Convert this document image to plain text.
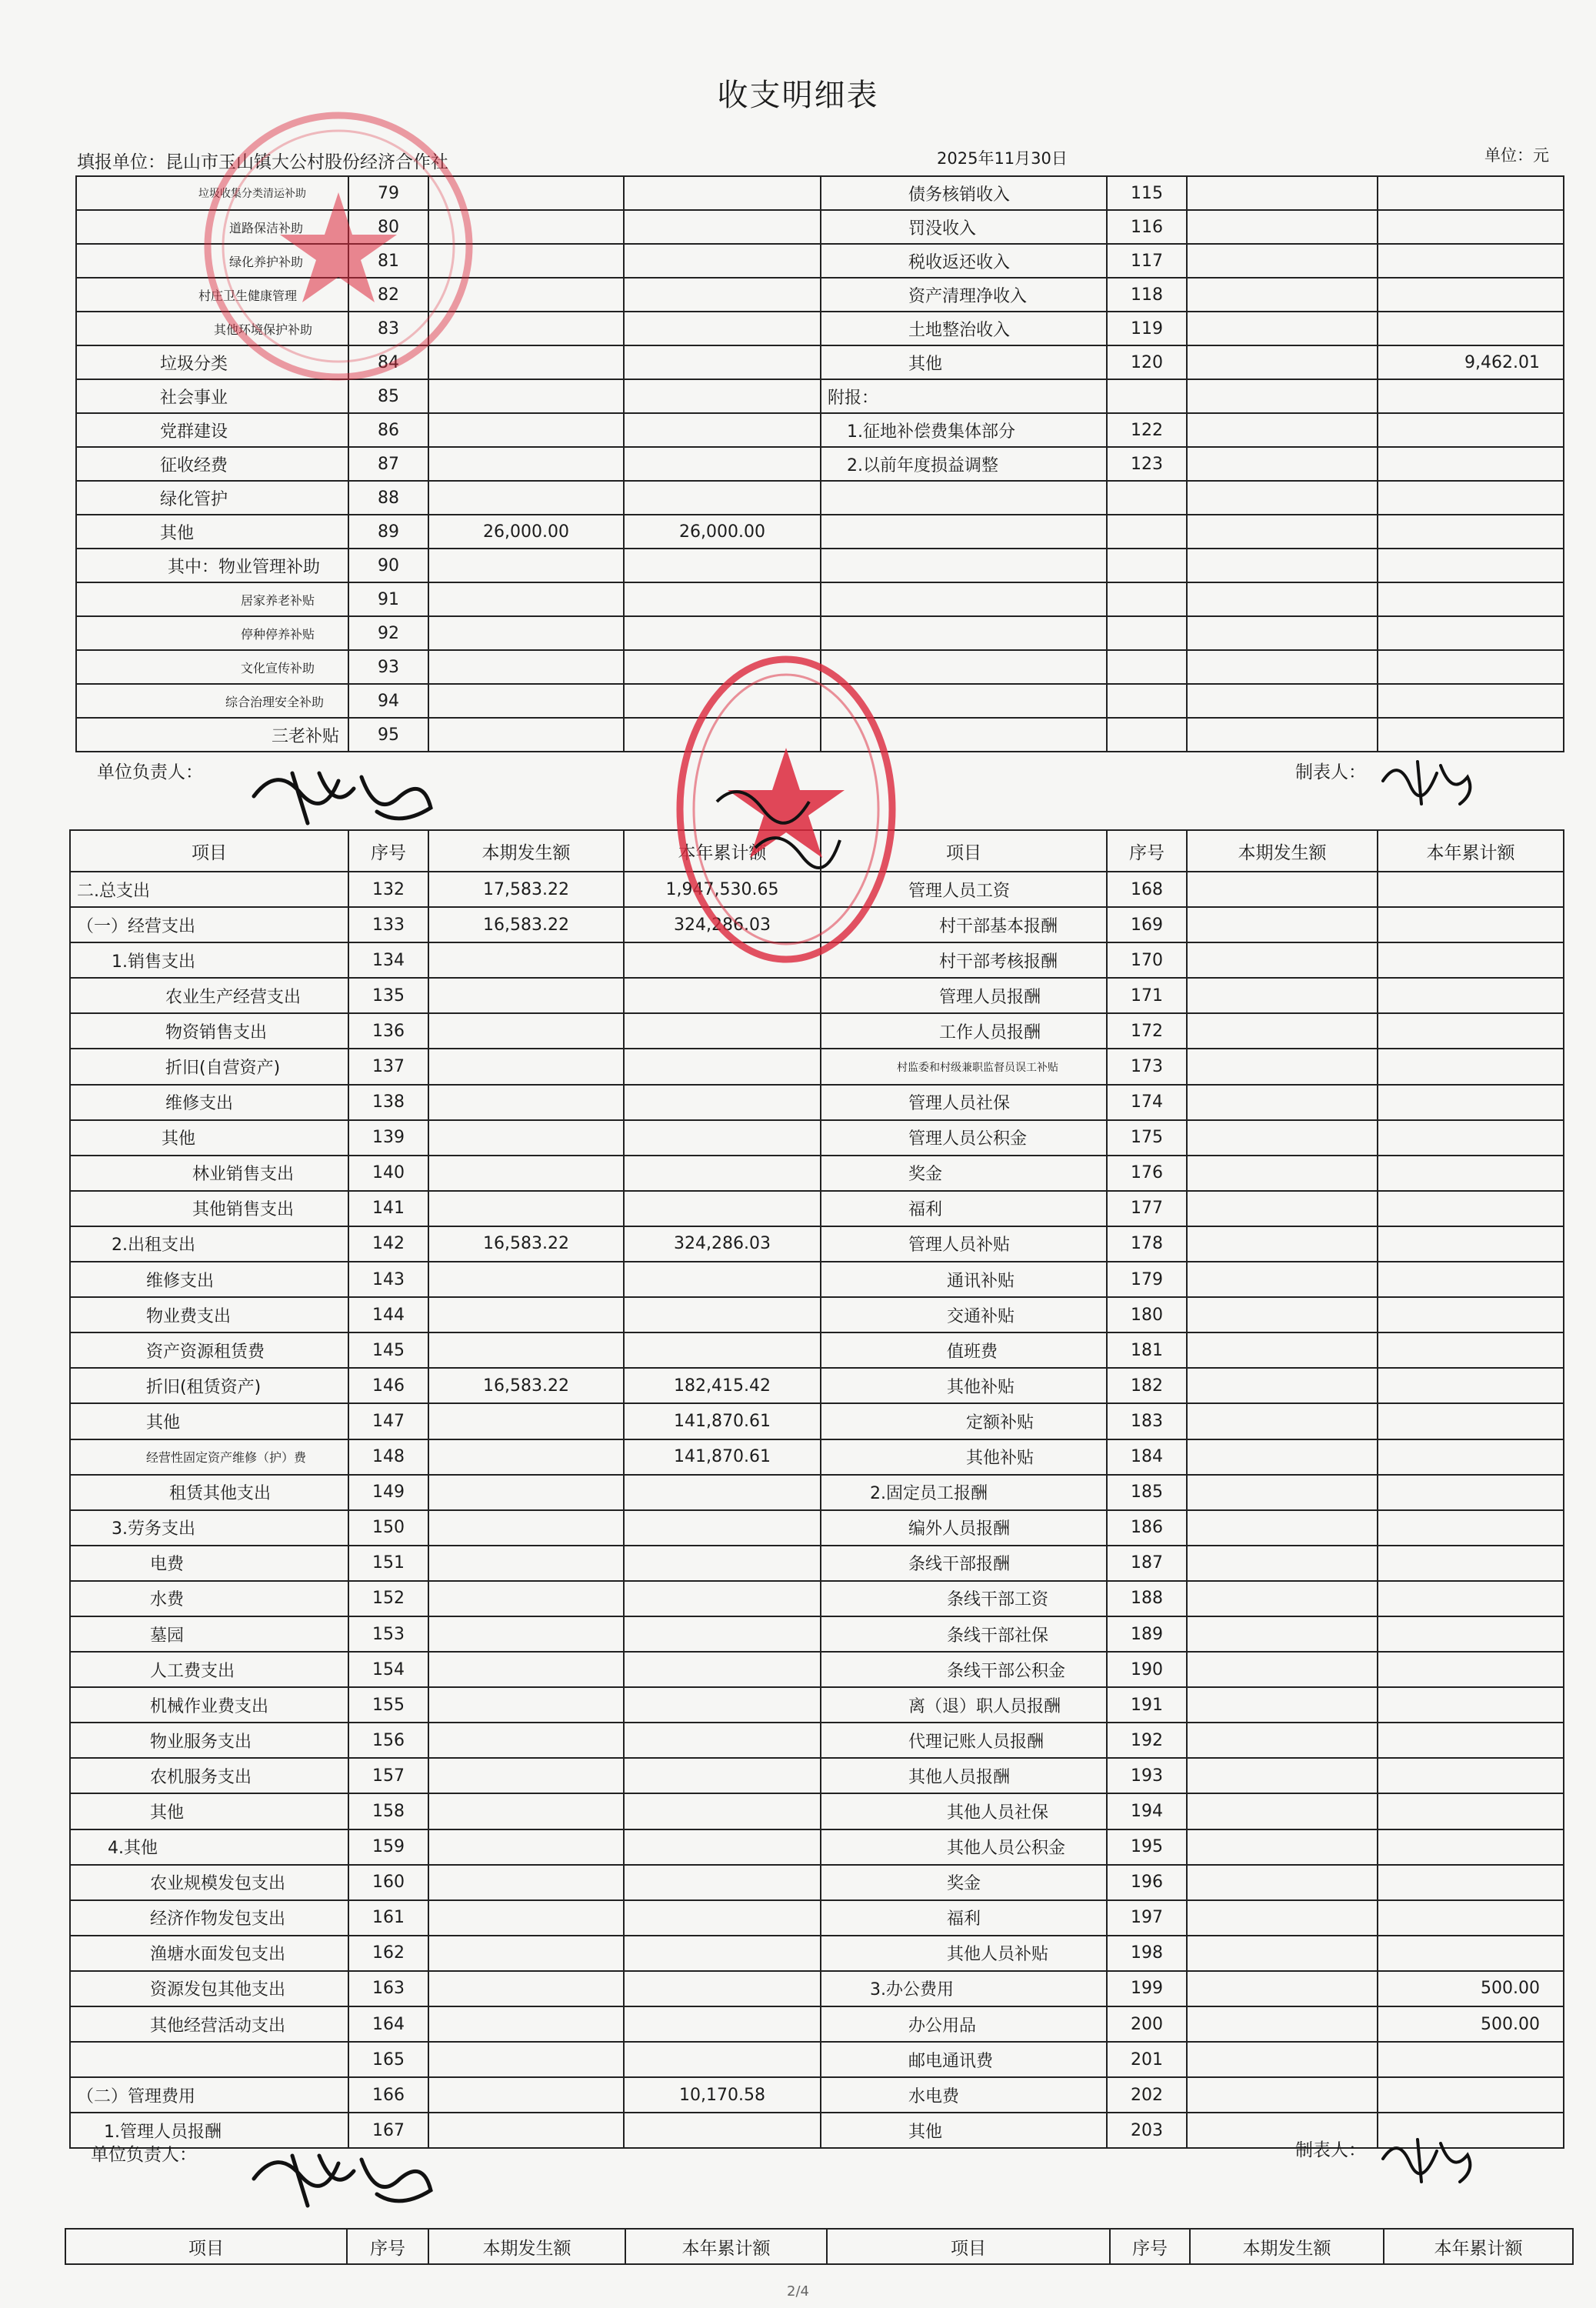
收支明细表
填报单位：昆山市玉山镇大公村股份经济合作社	2025年11月30日	单位：元
垃圾收集分类清运补助	79			债务核销收入	115		
道路保洁补助	80			罚没收入	116		
绿化养护补助	81			税收返还收入	117		
村庄卫生健康管理	82			资产清理净收入	118		
其他环境保护补助	83			土地整治收入	119		
垃圾分类	84			其他	120		9,462.01
社会事业	85			附报：			
党群建设	86			1.征地补偿费集体部分	122		
征收经费	87			2.以前年度损益调整	123		
绿化管护	88						
其他	89	26,000.00	26,000.00				
其中：物业管理补助	90						
居家养老补贴	91						
停种停养补贴	92						
文化宣传补助	93						
综合治理安全补助	94						
三老补贴	95						
单位负责人：	制表人：
项目	序号	本期发生额	本年累计额	项目	序号	本期发生额	本年累计额
二.总支出	132	17,583.22	1,947,530.65	管理人员工资	168		
（一）经营支出	133	16,583.22	324,286.03	村干部基本报酬	169		
1.销售支出	134			村干部考核报酬	170		
农业生产经营支出	135			管理人员报酬	171		
物资销售支出	136			工作人员报酬	172		
折旧(自营资产)	137			村监委和村级兼职监督员误工补贴	173		
维修支出	138			管理人员社保	174		
其他	139			管理人员公积金	175		
林业销售支出	140			奖金	176		
其他销售支出	141			福利	177		
2.出租支出	142	16,583.22	324,286.03	管理人员补贴	178		
维修支出	143			通讯补贴	179		
物业费支出	144			交通补贴	180		
资产资源租赁费	145			值班费	181		
折旧(租赁资产)	146	16,583.22	182,415.42	其他补贴	182		
其他	147		141,870.61	定额补贴	183		
经营性固定资产维修（护）费	148		141,870.61	其他补贴	184		
租赁其他支出	149			2.固定员工报酬	185		
3.劳务支出	150			编外人员报酬	186		
电费	151			条线干部报酬	187		
水费	152			条线干部工资	188		
墓园	153			条线干部社保	189		
人工费支出	154			条线干部公积金	190		
机械作业费支出	155			离（退）职人员报酬	191		
物业服务支出	156			代理记账人员报酬	192		
农机服务支出	157			其他人员报酬	193		
其他	158			其他人员社保	194		
4.其他	159			其他人员公积金	195		
农业规模发包支出	160			奖金	196		
经济作物发包支出	161			福利	197		
渔塘水面发包支出	162			其他人员补贴	198		
资源发包其他支出	163			3.办公费用	199		500.00
其他经营活动支出	164			办公用品	200		500.00
	165			邮电通讯费	201		
（二）管理费用	166		10,170.58	水电费	202		
1.管理人员报酬	167			其他	203		
单位负责人：	制表人：
项目	序号	本期发生额	本年累计额	项目	序号	本期发生额	本年累计额
2/4
